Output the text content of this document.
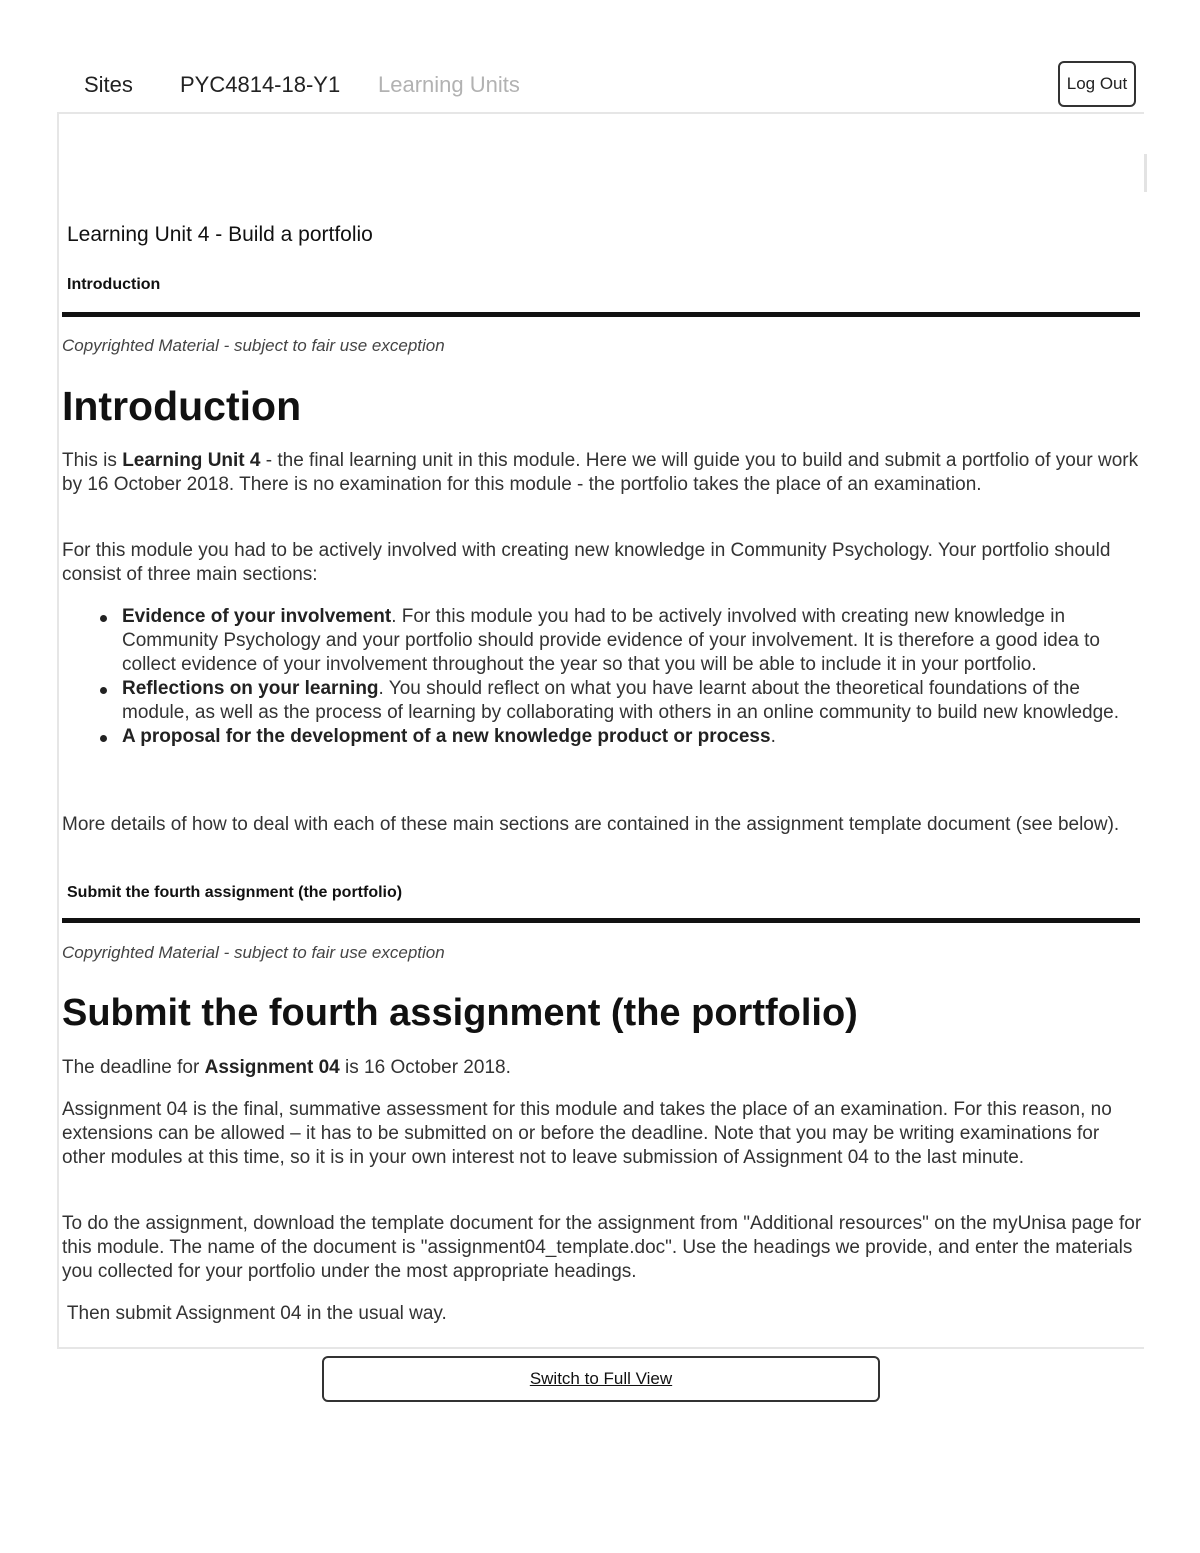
Sites PYC4814-18-Y1 Learning Units	Log Out
Learning Unit 4 - Build a portfolio
Introduction
Copyrighted Material - subject to fair use exception
Introduction

This is Learning Unit 4 - the final learning unit in this module. Here we will guide you to build and submit a portfolio of your work by 16 October 2018. There is no examination for this module - the portfolio takes the place of an examination.

For this module you had to be actively involved with creating new knowledge in Community Psychology. Your portfolio should consist of three main sections:

Evidence of your involvement. For this module you had to be actively involved with creating new knowledge in Community Psychology and your portfolio should provide evidence of your involvement. It is therefore a good idea to collect evidence of your involvement throughout the year so that you will be able to include it in your portfolio.
Reflections on your learning. You should reflect on what you have learnt about the theoretical foundations of the module, as well as the process of learning by collaborating with others in an online community to build new knowledge.
A proposal for the development of a new knowledge product or process.

More details of how to deal with each of these main sections are contained in the assignment template document (see below).

Submit the fourth assignment (the portfolio)
Copyrighted Material - subject to fair use exception
Submit the fourth assignment (the portfolio)

The deadline for Assignment 04 is 16 October 2018.

Assignment 04 is the final, summative assessment for this module and takes the place of an examination. For this reason, no extensions can be allowed – it has to be submitted on or before the deadline. Note that you may be writing examinations for other modules at this time, so it is in your own interest not to leave submission of Assignment 04 to the last minute.

To do the assignment, download the template document for the assignment from "Additional resources" on the myUnisa page for this module. The name of the document is "assignment04_template.doc". Use the headings we provide, and enter the materials you collected for your portfolio under the most appropriate headings.

Then submit Assignment 04 in the usual way.

Switch to Full View
